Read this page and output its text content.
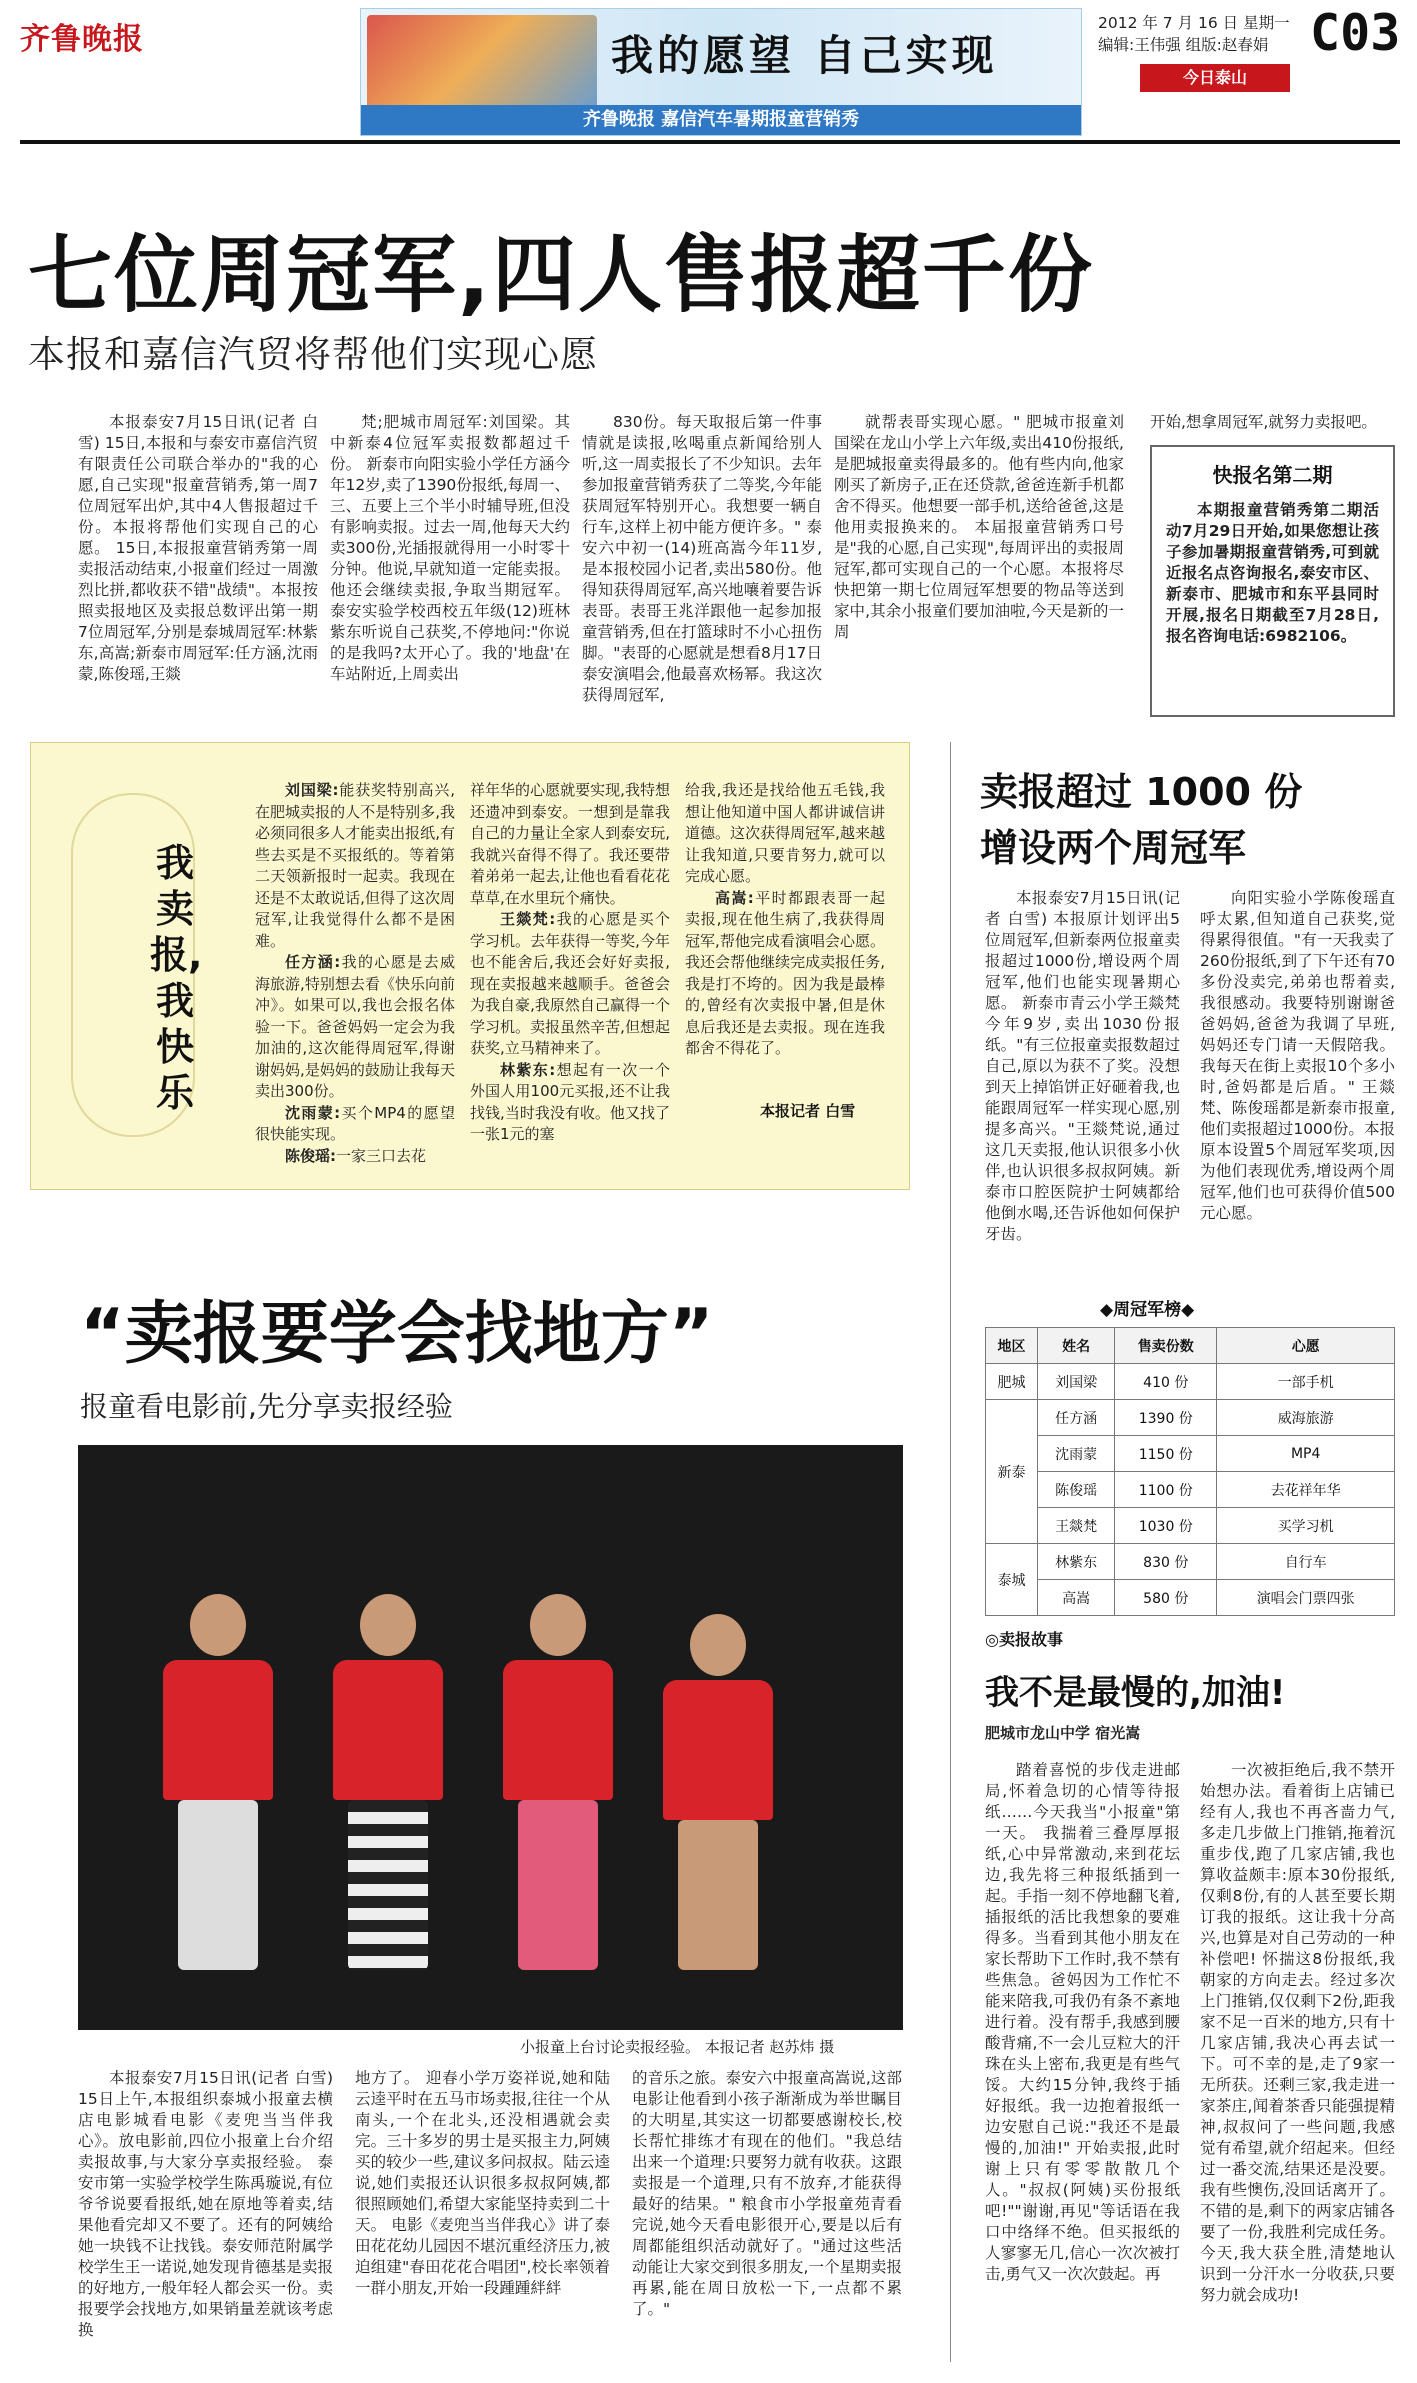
齐鲁晚报	我的愿望 自己实现
齐鲁晚报 嘉信汽车暑期报童营销秀
2012 年 7 月 16 日 星期一
编辑:王伟强 组版:赵春娟 C03
今日泰山
七位周冠军,四人售报超千份
本报和嘉信汽贸将帮他们实现心愿

本报泰安7月15日讯(记者 白雪) 15日,本报和与泰安市嘉信汽贸有限责任公司联合举办的"我的心愿,自己实现"报童营销秀,第一周7位周冠军出炉,其中4人售报超过千份。本报将帮他们实现自己的心愿。 15日,本报报童营销秀第一周卖报活动结束,小报童们经过一周激烈比拼,都收获不错"战绩"。本报按照卖报地区及卖报总数评出第一期7位周冠军,分别是泰城周冠军:林紫东,高嵩;新泰市周冠军:任方涵,沈雨蒙,陈俊瑶,王燚

梵;肥城市周冠军:刘国梁。其中新泰4位冠军卖报数都超过千份。 新泰市向阳实验小学任方涵今年12岁,卖了1390份报纸,每周一、三、五要上三个半小时辅导班,但没有影响卖报。过去一周,他每天大约卖300份,光插报就得用一小时零十分钟。他说,早就知道一定能卖报。他还会继续卖报,争取当期冠军。 泰安实验学校西校五年级(12)班林紫东听说自己获奖,不停地问:"你说的是我吗?太开心了。我的'地盘'在车站附近,上周卖出

830份。每天取报后第一件事情就是读报,吆喝重点新闻给别人听,这一周卖报长了不少知识。去年参加报童营销秀获了二等奖,今年能获周冠军特别开心。我想要一辆自行车,这样上初中能方便许多。" 泰安六中初一(14)班高嵩今年11岁,是本报校园小记者,卖出580份。他得知获得周冠军,高兴地嚷着要告诉表哥。表哥王兆洋跟他一起参加报童营销秀,但在打篮球时不小心扭伤脚。"表哥的心愿就是想看8月17日泰安演唱会,他最喜欢杨幂。我这次获得周冠军,

就帮表哥实现心愿。" 肥城市报童刘国梁在龙山小学上六年级,卖出410份报纸,是肥城报童卖得最多的。他有些内向,他家刚买了新房子,正在还贷款,爸爸连新手机都舍不得买。他想要一部手机,送给爸爸,这是他用卖报换来的。 本届报童营销秀口号是"我的心愿,自己实现",每周评出的卖报周冠军,都可实现自己的一个心愿。本报将尽快把第一期七位周冠军想要的物品等送到家中,其余小报童们要加油啦,今天是新的一周

开始,想拿周冠军,就努力卖报吧。

快报名第二期

本期报童营销秀第二期活动7月29日开始,如果您想让孩子参加暑期报童营销秀,可到就近报名点咨询报名,泰安市区、新泰市、肥城市和东平县同时开展,报名日期截至7月28日,报名咨询电话:6982106。

我卖报,我快乐

刘国梁:能获奖特别高兴,在肥城卖报的人不是特别多,我必须同很多人才能卖出报纸,有些去买是不买报纸的。等着第二天领新报时一起卖。我现在还是不太敢说话,但得了这次周冠军,让我觉得什么都不是困难。

任方涵:我的心愿是去威海旅游,特别想去看《快乐向前冲》。如果可以,我也会报名体验一下。爸爸妈妈一定会为我加油的,这次能得周冠军,得谢谢妈妈,是妈妈的鼓励让我每天卖出300份。

沈雨蒙:买个MP4的愿望很快能实现。

陈俊瑶:一家三口去花

祥年华的心愿就要实现,我特想还遗冲到泰安。一想到是靠我自己的力量让全家人到泰安玩,我就兴奋得不得了。我还要带着弟弟一起去,让他也看看花花草草,在水里玩个痛快。

王燚梵:我的心愿是买个学习机。去年获得一等奖,今年也不能舍后,我还会好好卖报,现在卖报越来越顺手。爸爸会为我自豪,我原然自己赢得一个学习机。卖报虽然辛苦,但想起获奖,立马精神来了。

林紫东:想起有一次一个外国人用100元买报,还不让我找钱,当时我没有收。他又找了一张1元的塞

给我,我还是找给他五毛钱,我想让他知道中国人都讲诚信讲道德。这次获得周冠军,越来越让我知道,只要肯努力,就可以完成心愿。

高嵩:平时都跟表哥一起卖报,现在他生病了,我获得周冠军,帮他完成看演唱会心愿。我还会帮他继续完成卖报任务,我是打不垮的。因为我是最棒的,曾经有次卖报中暑,但是休息后我还是去卖报。现在连我都舍不得花了。

本报记者 白雪
卖报超过 1000 份
增设两个周冠军

本报泰安7月15日讯(记者 白雪) 本报原计划评出5位周冠军,但新泰两位报童卖报超过1000份,增设两个周冠军,他们也能实现暑期心愿。 新泰市青云小学王燚梵今年9岁,卖出1030份报纸。"有三位报童卖报数超过自己,原以为获不了奖。没想到天上掉馅饼正好砸着我,也能跟周冠军一样实现心愿,别提多高兴。"王燚梵说,通过这几天卖报,他认识很多小伙伴,也认识很多叔叔阿姨。新泰市口腔医院护士阿姨都给他倒水喝,还告诉他如何保护牙齿。

向阳实验小学陈俊瑶直呼太累,但知道自己获奖,觉得累得很值。"有一天我卖了260份报纸,到了下午还有70多份没卖完,弟弟也帮着卖,我很感动。我要特别谢谢爸爸妈妈,爸爸为我调了早班,妈妈还专门请一天假陪我。我每天在街上卖报10个多小时,爸妈都是后盾。" 王燚梵、陈俊瑶都是新泰市报童,他们卖报超过1000份。本报原本设置5个周冠军奖项,因为他们表现优秀,增设两个周冠军,他们也可获得价值500元心愿。

◆周冠军榜◆
地区	姓名	售卖份数	心愿
肥城	刘国梁	410 份	一部手机
新泰	任方涵	1390 份	威海旅游
	沈雨蒙	1150 份	MP4
	陈俊瑶	1100 份	去花祥年华
	王燚梵	1030 份	买学习机
泰城	林紫东	830 份	自行车
	高嵩	580 份	演唱会门票四张
◎卖报故事
我不是最慢的,加油!
肥城市龙山中学 宿光嵩

踏着喜悦的步伐走进邮局,怀着急切的心情等待报纸……今天我当"小报童"第一天。 我揣着三叠厚厚报纸,心中异常激动,来到花坛边,我先将三种报纸插到一起。手指一刻不停地翻飞着,插报纸的活比我想象的要难得多。当看到其他小朋友在家长帮助下工作时,我不禁有些焦急。爸妈因为工作忙不能来陪我,可我仍有条不紊地进行着。没有帮手,我感到腰酸背痛,不一会儿豆粒大的汗珠在头上密布,我更是有些气馁。大约15分钟,我终于插好报纸。我一边抱着报纸一边安慰自己说:"我还不是最慢的,加油!" 开始卖报,此时谢上只有零零散散几个人。"叔叔(阿姨)买份报纸吧!""谢谢,再见"等话语在我口中络绎不绝。但买报纸的人寥寥无几,信心一次次被打击,勇气又一次次鼓起。再

一次被拒绝后,我不禁开始想办法。看着街上店铺已经有人,我也不再吝啬力气,多走几步做上门推销,拖着沉重步伐,跑了几家店铺,我也算收益颇丰:原本30份报纸,仅剩8份,有的人甚至要长期订我的报纸。这让我十分高兴,也算是对自己劳动的一种补偿吧! 怀揣这8份报纸,我朝家的方向走去。经过多次上门推销,仅仅剩下2份,距我家不足一百米的地方,只有十几家店铺,我决心再去试一下。可不幸的是,走了9家一无所获。还剩三家,我走进一家茶庄,闻着茶香只能强提精神,叔叔问了一些问题,我感觉有希望,就介绍起来。但经过一番交流,结果还是没要。我有些懊伤,没回话离开了。不错的是,剩下的两家店铺各要了一份,我胜利完成任务。 今天,我大获全胜,清楚地认识到一分汗水一分收获,只要努力就会成功!

“卖报要学会找地方”
报童看电影前,先分享卖报经验
小报童上台讨论卖报经验。 本报记者 赵苏炜 摄

本报泰安7月15日讯(记者 白雪) 15日上午,本报组织泰城小报童去横店电影城看电影《麦兜当当伴我心》。放电影前,四位小报童上台介绍卖报故事,与大家分享卖报经验。 泰安市第一实验学校学生陈禹璇说,有位爷爷说要看报纸,她在原地等着卖,结果他看完却又不要了。还有的阿姨给她一块钱不让找钱。泰安师范附属学校学生王一诺说,她发现肯德基是卖报的好地方,一般年轻人都会买一份。卖报要学会找地方,如果销量差就该考虑换

地方了。 迎春小学万姿祥说,她和陆云逵平时在五马市场卖报,往往一个从南头,一个在北头,还没相遇就会卖完。三十多岁的男士是买报主力,阿姨买的较少一些,建议多问叔叔。陆云逵说,她们卖报还认识很多叔叔阿姨,都很照顾她们,希望大家能坚持卖到二十天。 电影《麦兜当当伴我心》讲了泰田花花幼儿园因不堪沉重经济压力,被迫组建"春田花花合唱团",校长率领着一群小朋友,开始一段踵踵絆絆

的音乐之旅。泰安六中报童高嵩说,这部电影让他看到小孩子渐渐成为举世瞩目的大明星,其实这一切都要感谢校长,校长帮忙排练才有现在的他们。"我总结出来一个道理:只要努力就有收获。这跟卖报是一个道理,只有不放弃,才能获得最好的结果。" 粮食市小学报童苑青看完说,她今天看电影很开心,要是以后有周都能组织活动就好了。"通过这些活动能让大家交到很多朋友,一个星期卖报再累,能在周日放松一下,一点都不累了。"
